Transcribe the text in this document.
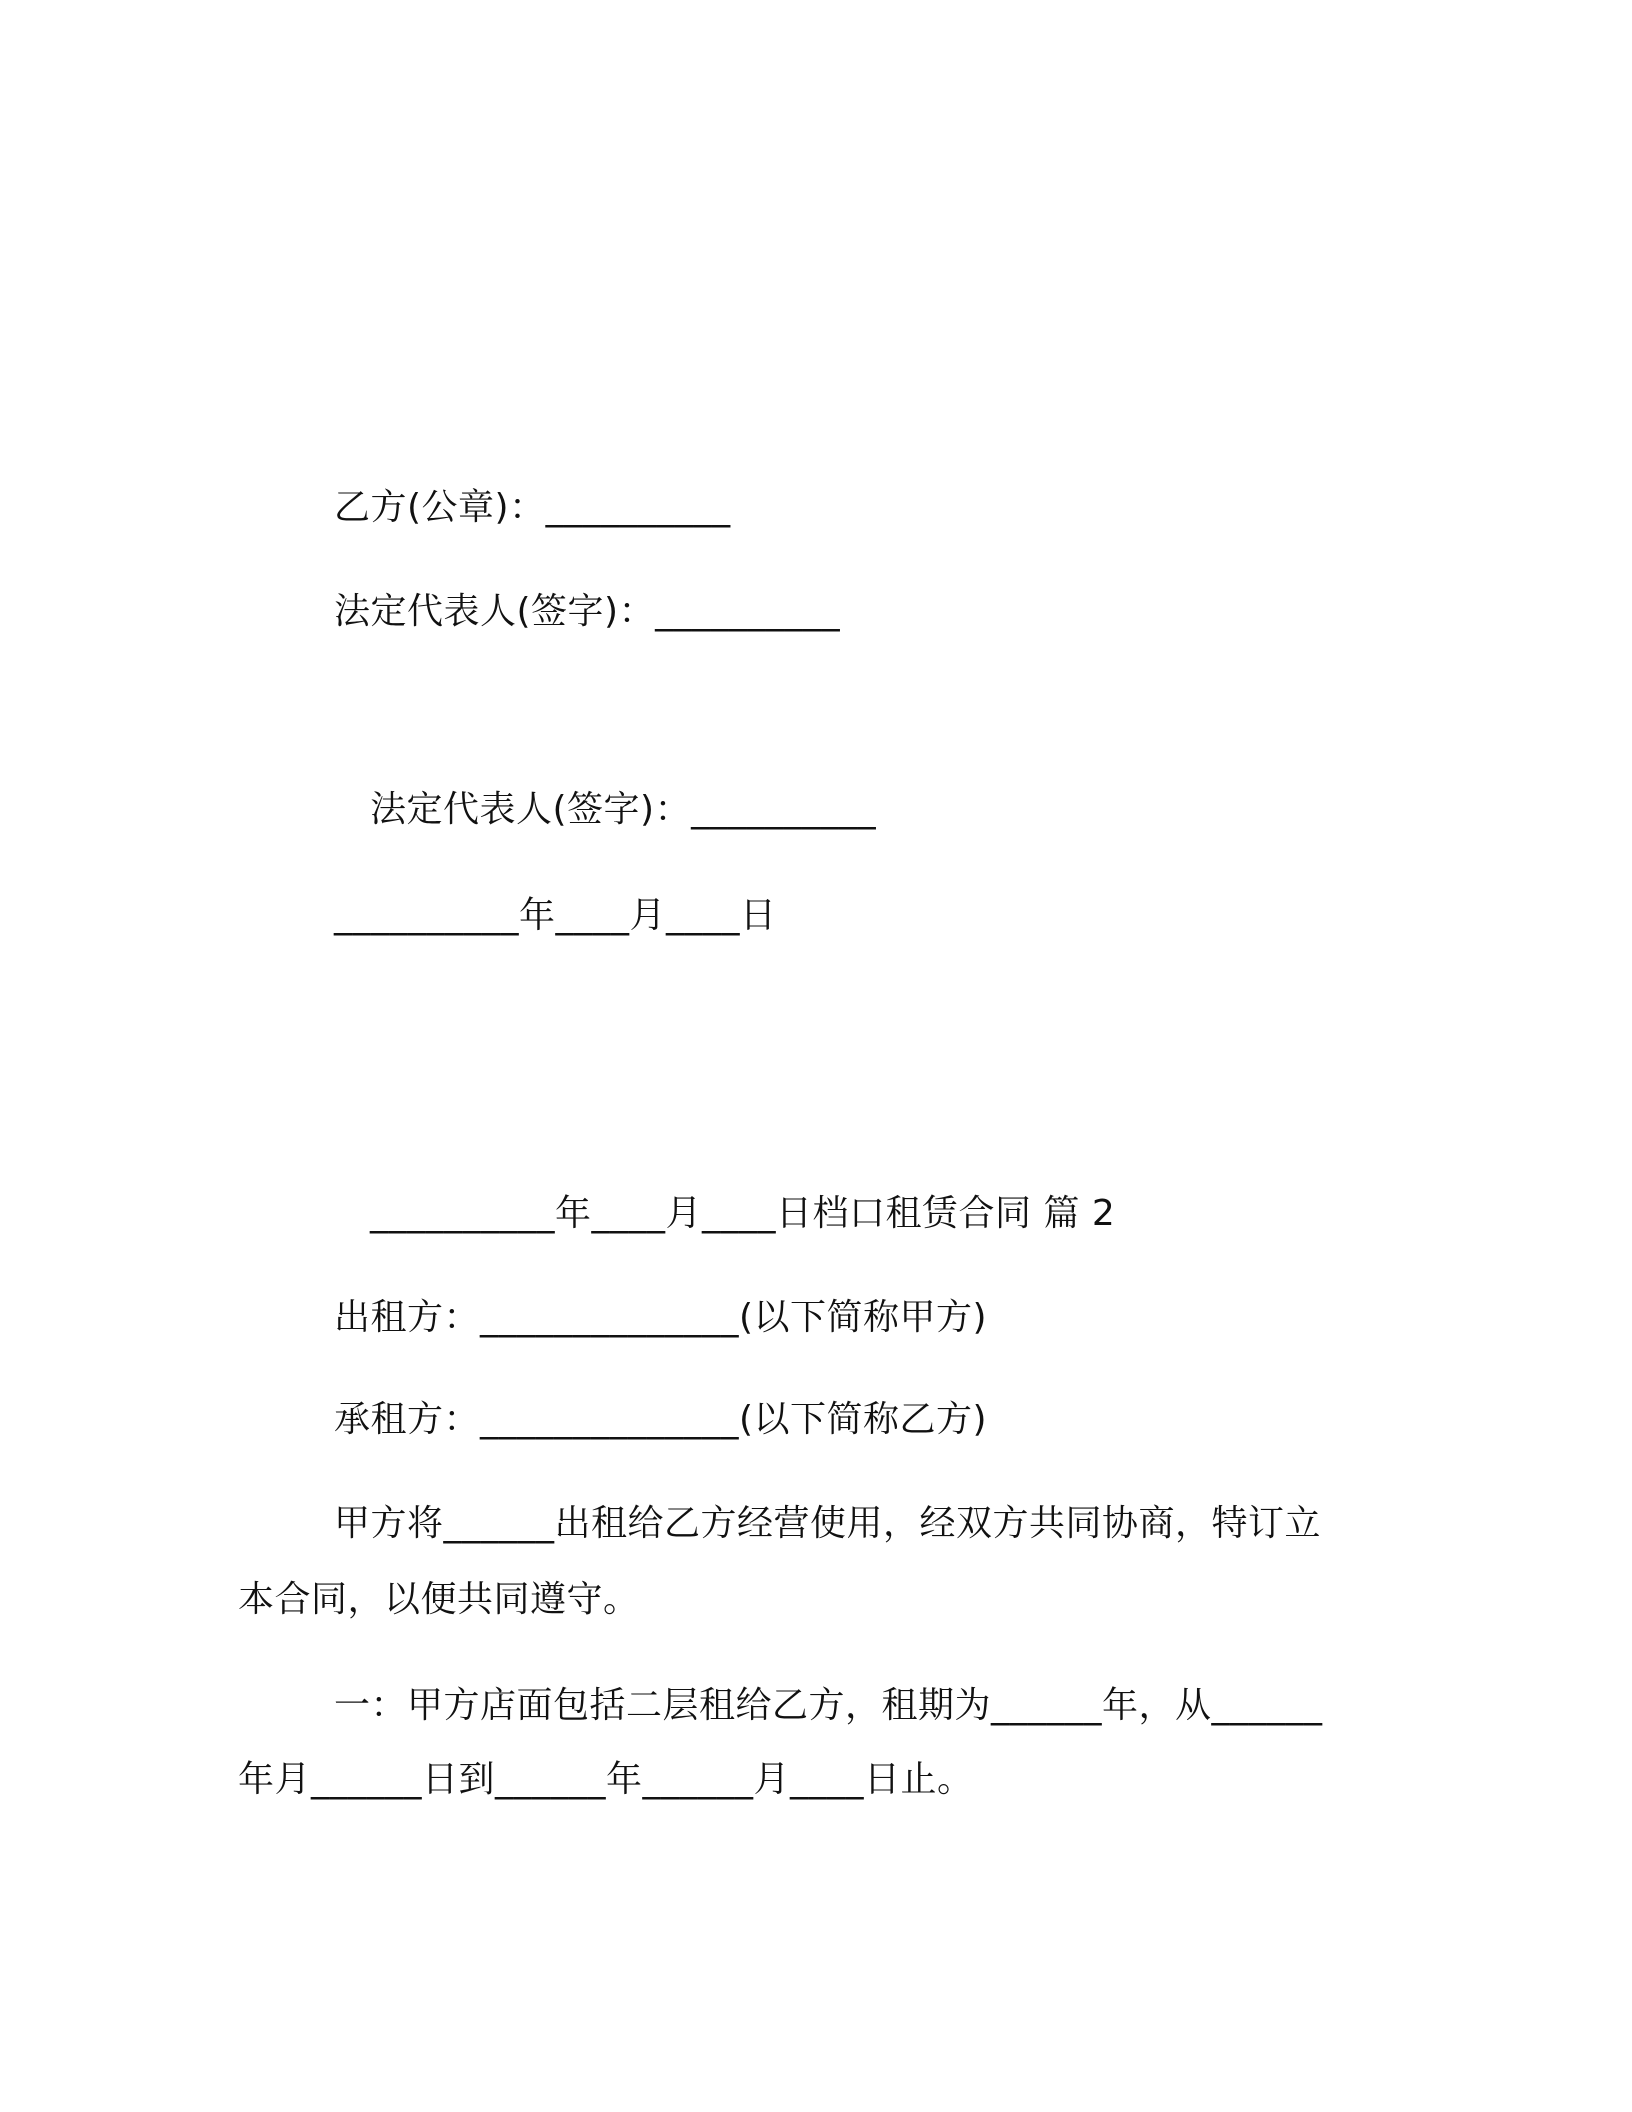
乙方(公章)：__________
法定代表人(签字)：__________
法定代表人(签字)：__________
__________年____月____日
__________年____月____日档口租赁合同 篇 2
出租方：______________(以下简称甲方)
承租方：______________(以下简称乙方)
甲方将______出租给乙方经营使用，经双方共同协商，特订立
本合同，以便共同遵守。
一：甲方店面包括二层租给乙方，租期为______年，从______
年月______日到______年______月____日止。
